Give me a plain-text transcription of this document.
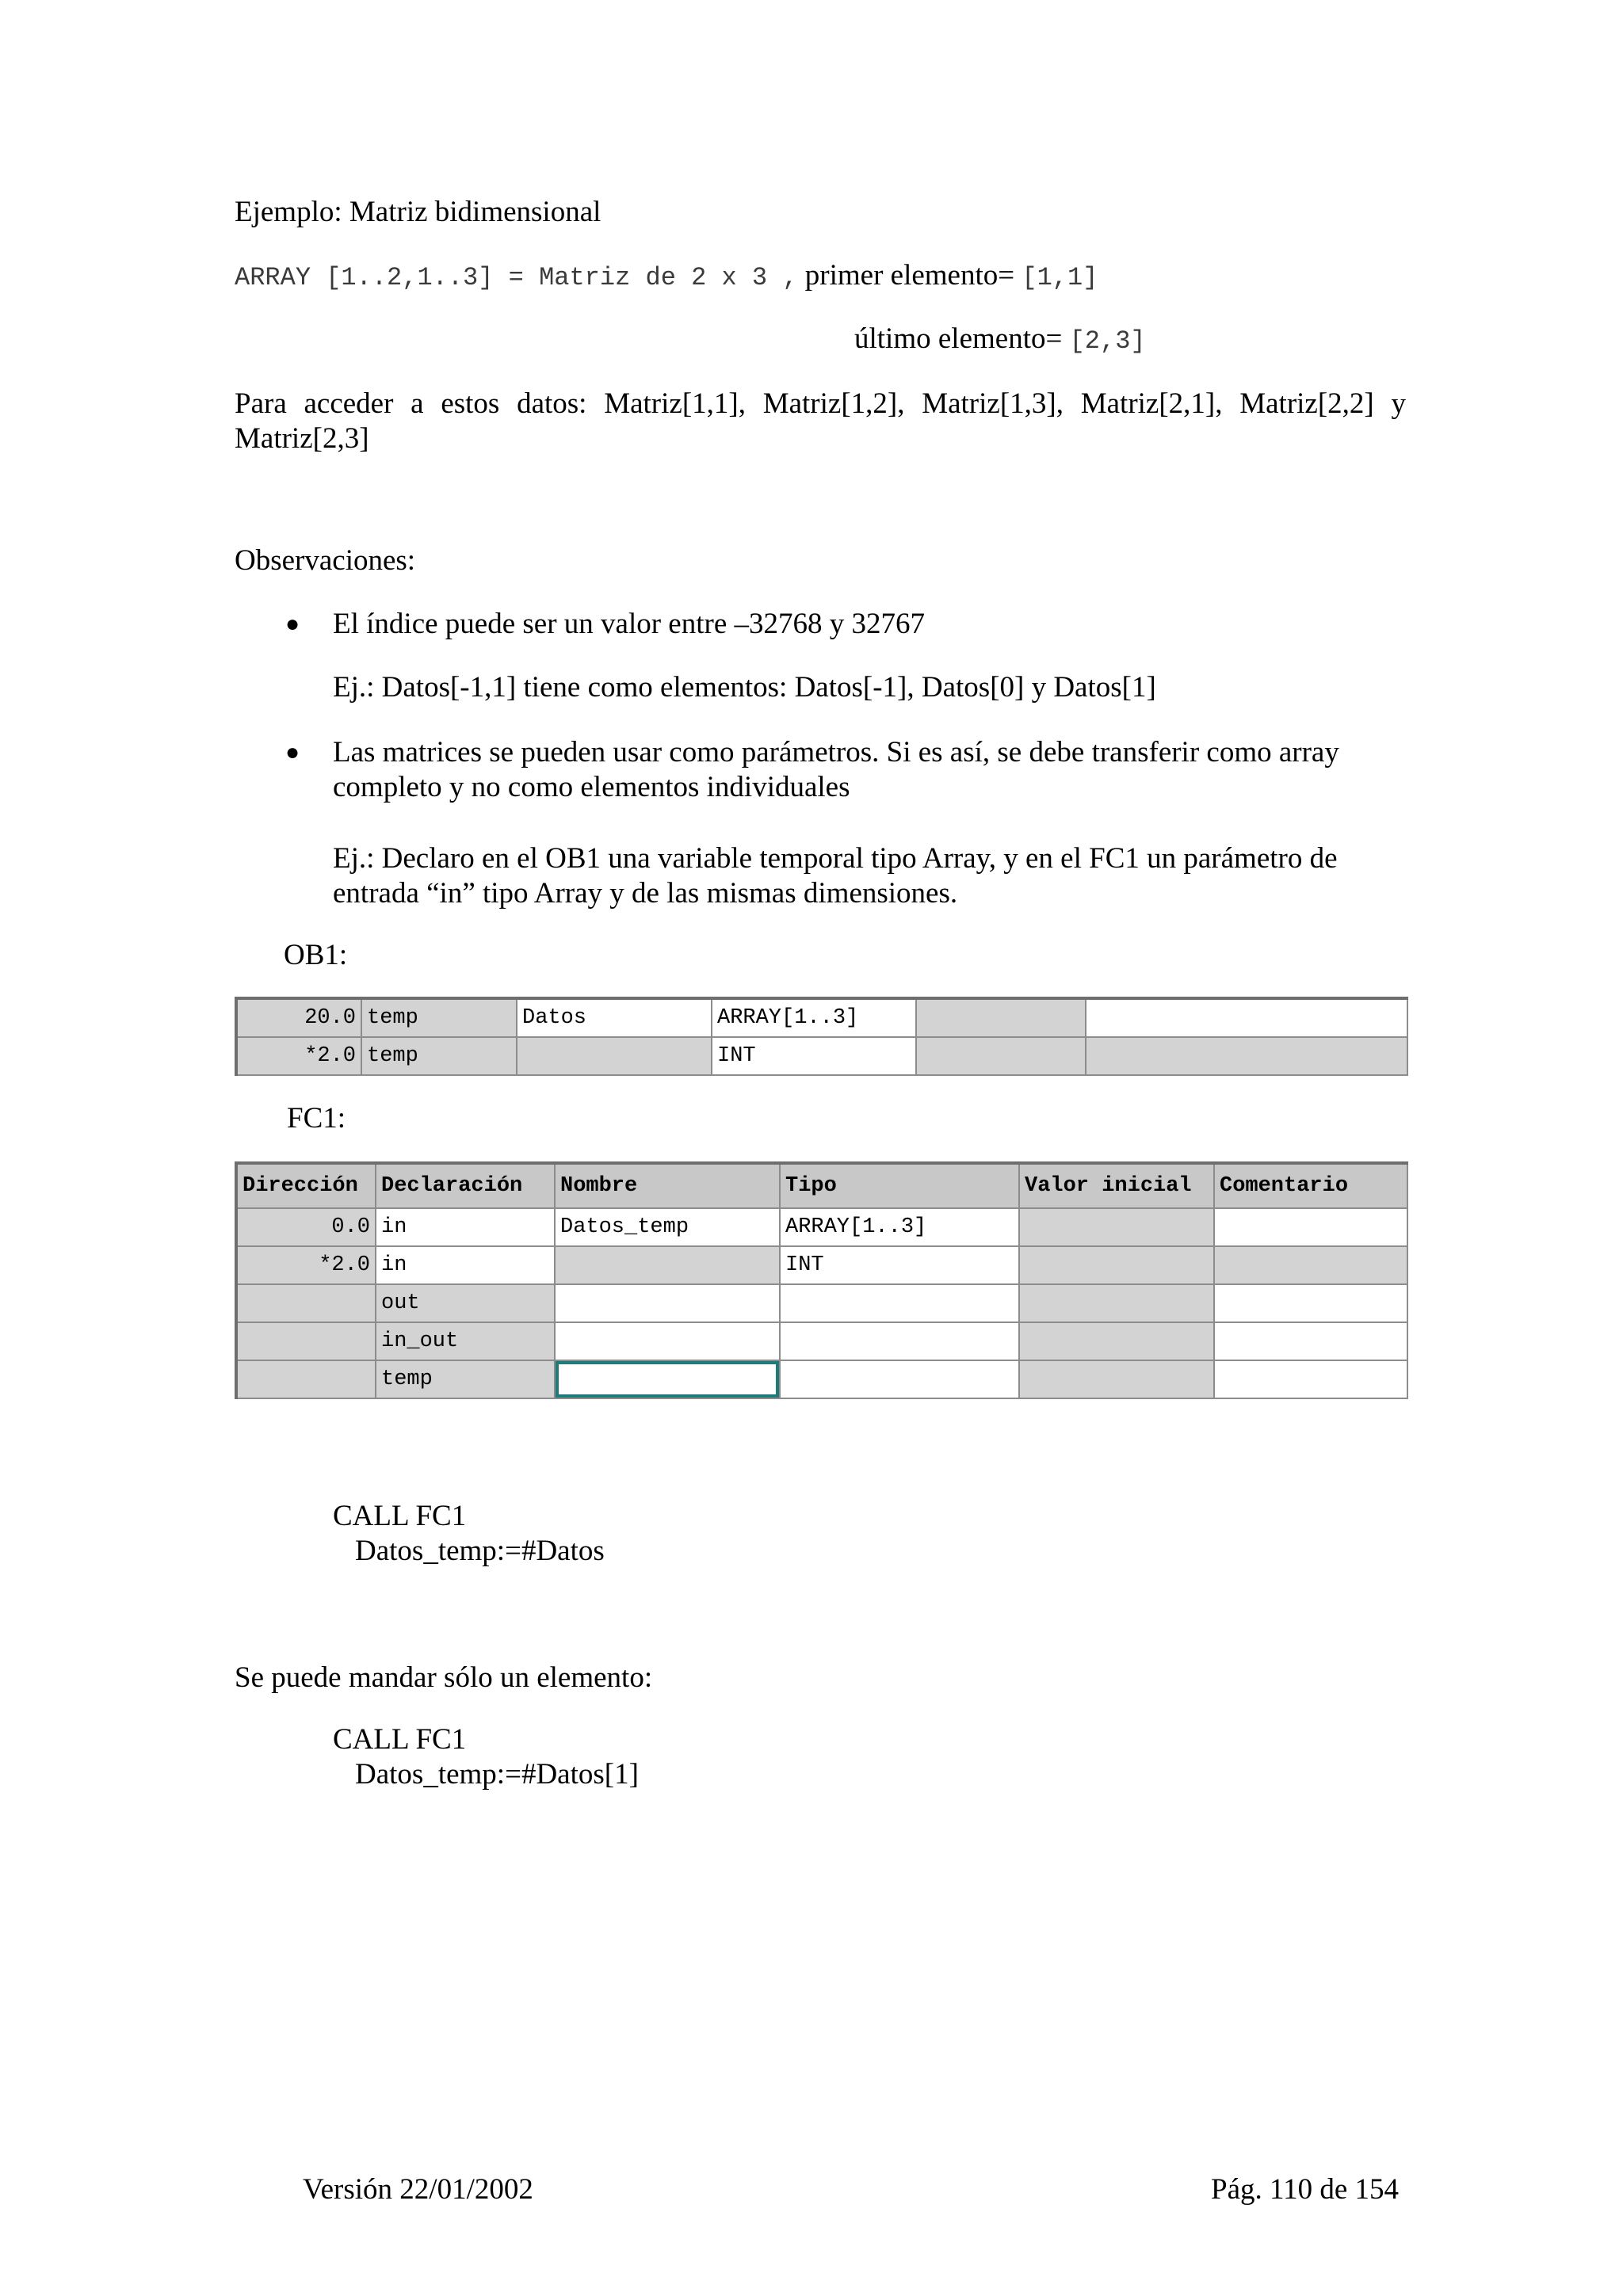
Ejemplo: Matriz bidimensional
ARRAY [1..2,1..3] = Matriz de 2 x 3 , primer elemento= [1,1]
último elemento= [2,3]
Para acceder a estos datos: Matriz[1,1], Matriz[1,2], Matriz[1,3], Matriz[2,1], Matriz[2,2] y Matriz[2,3]
Observaciones:
● El índice puede ser un valor entre –32768 y 32767
Ej.: Datos[-1,1] tiene como elementos: Datos[-1], Datos[0] y Datos[1]
● Las matrices se pueden usar como parámetros. Si es así, se debe transferir como array
completo y no como elementos individuales
Ej.: Declaro en el OB1 una variable temporal tipo Array, y en el FC1 un parámetro de
entrada “in” tipo Array y de las mismas dimensiones.
OB1:
20.0	temp	Datos	ARRAY[1..3]		
*2.0	temp		INT		
FC1:
Dirección	Declaración	Nombre	Tipo	Valor inicial	Comentario
0.0	in	Datos_temp	ARRAY[1..3]		
*2.0	in		INT		
	out				
	in_out				
	temp				
CALL FC1
Datos_temp:=#Datos
Se puede mandar sólo un elemento:
CALL FC1
Datos_temp:=#Datos[1]
Versión 22/01/2002	Pág. 110 de 154
